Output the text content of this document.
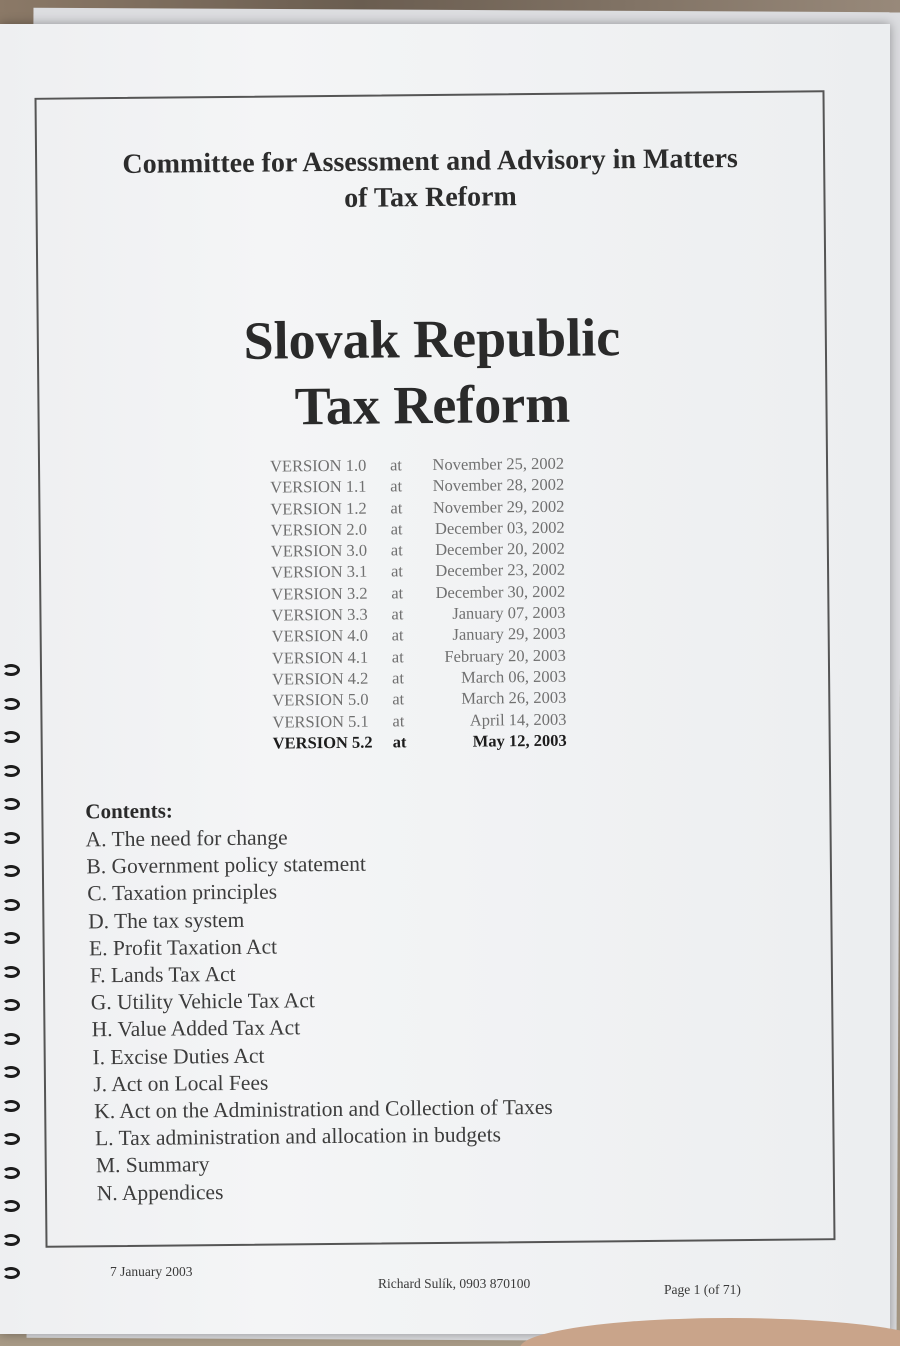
Committee for Assessment and Advisory in Matters
of Tax Reform
Slovak Republic
Tax Reform
VERSION 1.0	at	November 25, 2002
VERSION 1.1	at	November 28, 2002
VERSION 1.2	at	November 29, 2002
VERSION 2.0	at	December 03, 2002
VERSION 3.0	at	December 20, 2002
VERSION 3.1	at	December 23, 2002
VERSION 3.2	at	December 30, 2002
VERSION 3.3	at	January 07, 2003
VERSION 4.0	at	January 29, 2003
VERSION 4.1	at	February 20, 2003
VERSION 4.2	at	March 06, 2003
VERSION 5.0	at	March 26, 2003
VERSION 5.1	at	April 14, 2003
VERSION 5.2	at	May 12, 2003
Contents:
A. The need for change
B. Government policy statement
C. Taxation principles
D. The tax system
E. Profit Taxation Act
F. Lands Tax Act
G. Utility Vehicle Tax Act
H. Value Added Tax Act
I. Excise Duties Act
J. Act on Local Fees
K. Act on the Administration and Collection of Taxes
L. Tax administration and allocation in budgets
M. Summary
N. Appendices
7 January 2003
Richard Sulík, 0903 870100	Page 1 (of 71)
